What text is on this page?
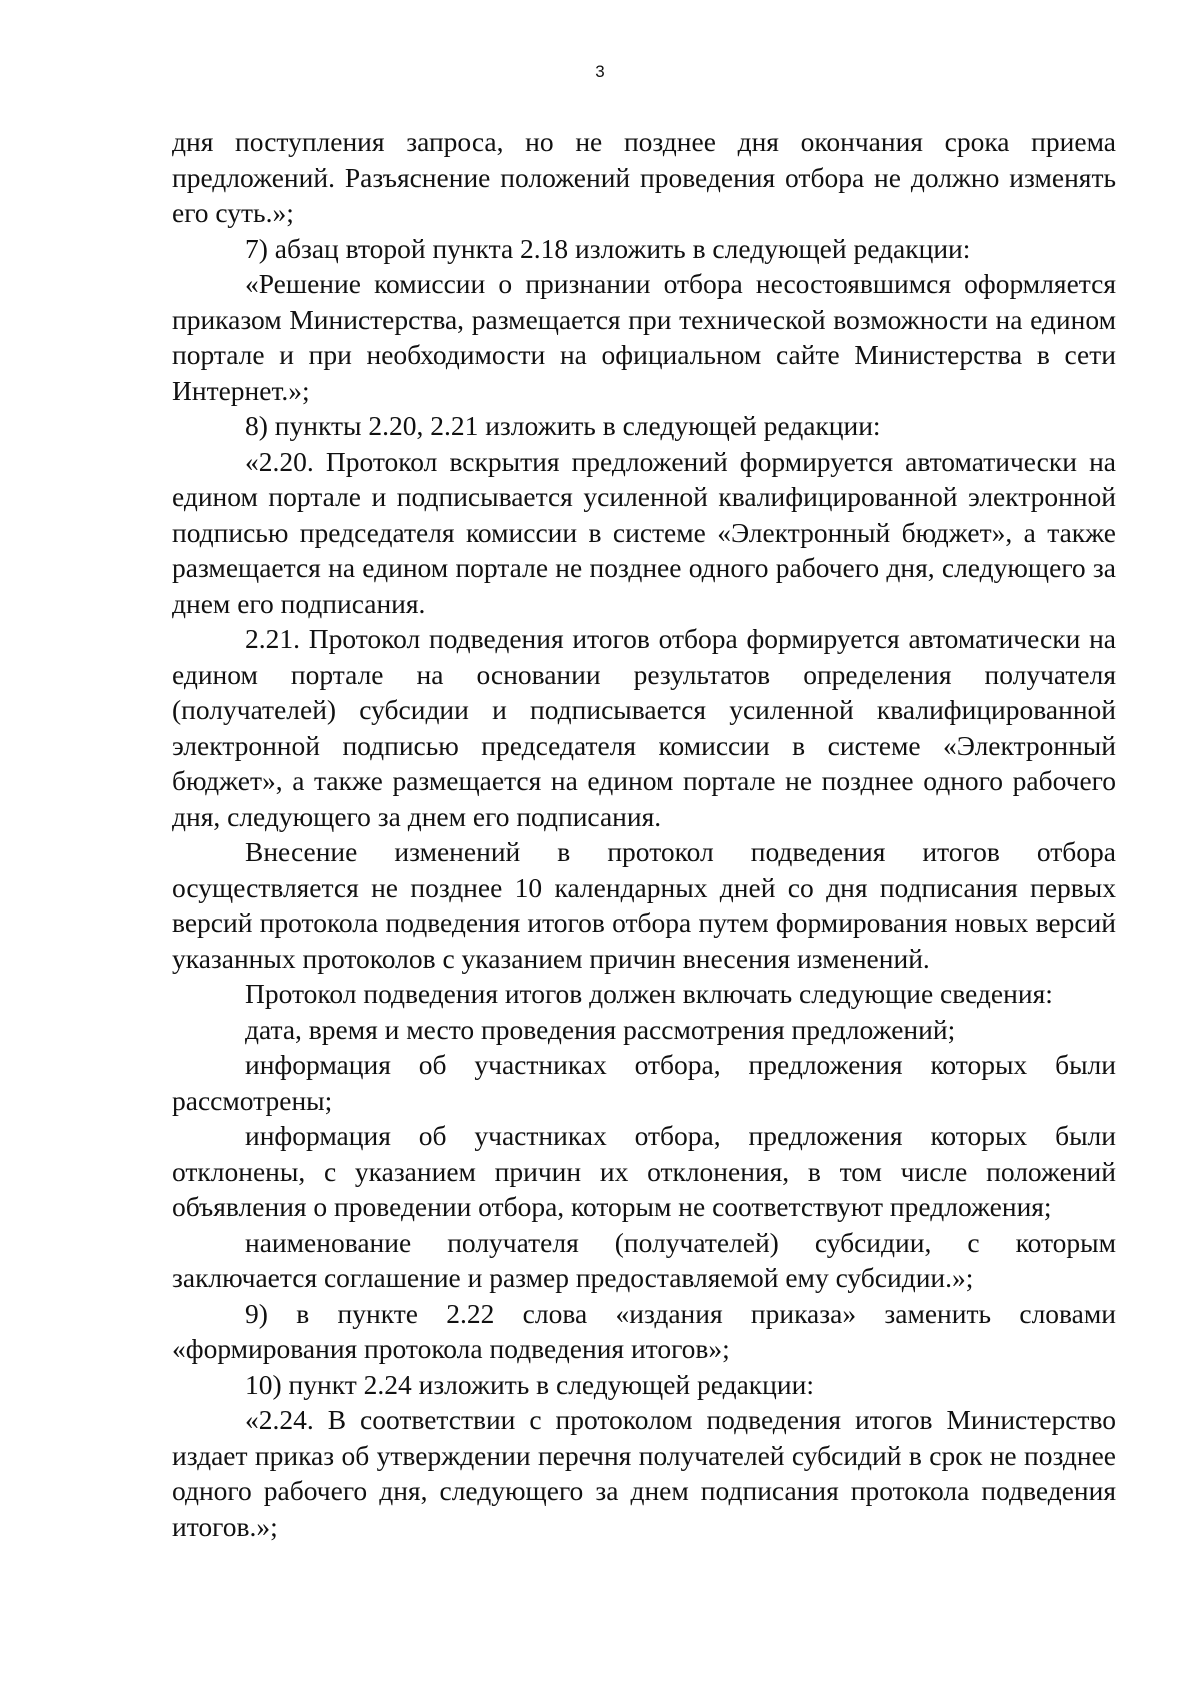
3

дня поступления запроса, но не позднее дня окончания срока приема предложений. Разъяснение положений проведения отбора не должно изменять его суть.»;

7) абзац второй пункта 2.18 изложить в следующей редакции:

«Решение комиссии о признании отбора несостоявшимся оформляется приказом Министерства, размещается при технической возможности на едином портале и при необходимости на официальном сайте Министерства в сети Интернет.»;

8) пункты 2.20, 2.21 изложить в следующей редакции:

«2.20. Протокол вскрытия предложений формируется автоматически на едином портале и подписывается усиленной квалифицированной электронной подписью председателя комиссии в системе «Электронный бюджет», а также размещается на едином портале не позднее одного рабочего дня, следующего за днем его подписания.

2.21. Протокол подведения итогов отбора формируется автоматически на едином портале на основании результатов определения получателя (получателей) субсидии и подписывается усиленной квалифицированной электронной подписью председателя комиссии в системе «Электронный бюджет», а также размещается на едином портале не позднее одного рабочего дня, следующего за днем его подписания.

Внесение изменений в протокол подведения итогов отбора осуществляется не позднее 10 календарных дней со дня подписания первых версий протокола подведения итогов отбора путем формирования новых версий указанных протоколов с указанием причин внесения изменений.

Протокол подведения итогов должен включать следующие сведения:

дата, время и место проведения рассмотрения предложений;

информация об участниках отбора, предложения которых были рассмотрены;

информация об участниках отбора, предложения которых были отклонены, с указанием причин их отклонения, в том числе положений объявления о проведении отбора, которым не соответствуют предложения;

наименование получателя (получателей) субсидии, с которым заключается соглашение и размер предоставляемой ему субсидии.»;

9) в пункте 2.22 слова «издания приказа» заменить словами «формирования протокола подведения итогов»;

10) пункт 2.24 изложить в следующей редакции:

«2.24. В соответствии с протоколом подведения итогов Министерство издает приказ об утверждении перечня получателей субсидий в срок не позднее одного рабочего дня, следующего за днем подписания протокола подведения итогов.»;
